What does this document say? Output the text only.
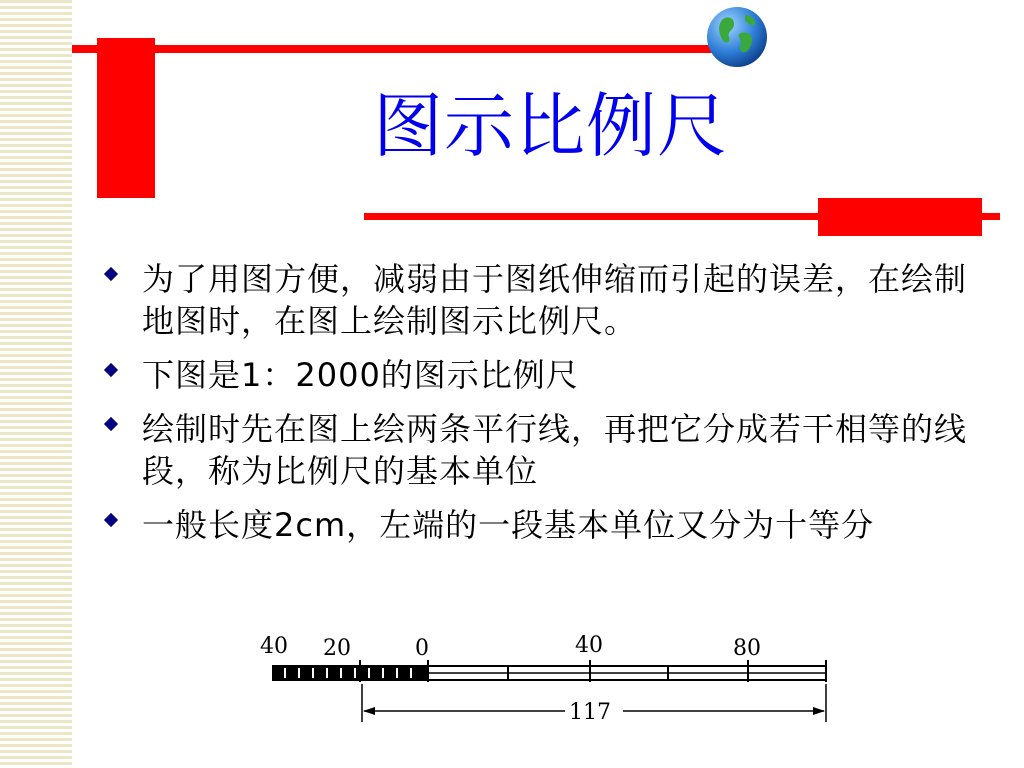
图示比例尺
为了用图方便，减弱由于图纸伸缩而引起的误差，在绘制地图时，在图上绘制图示比例尺。
下图是1：2000的图示比例尺
绘制时先在图上绘两条平行线，再把它分成若干相等的线段，称为比例尺的基本单位
一般长度2cm，左端的一段基本单位又分为十等分
40 20	0	40	80
117
